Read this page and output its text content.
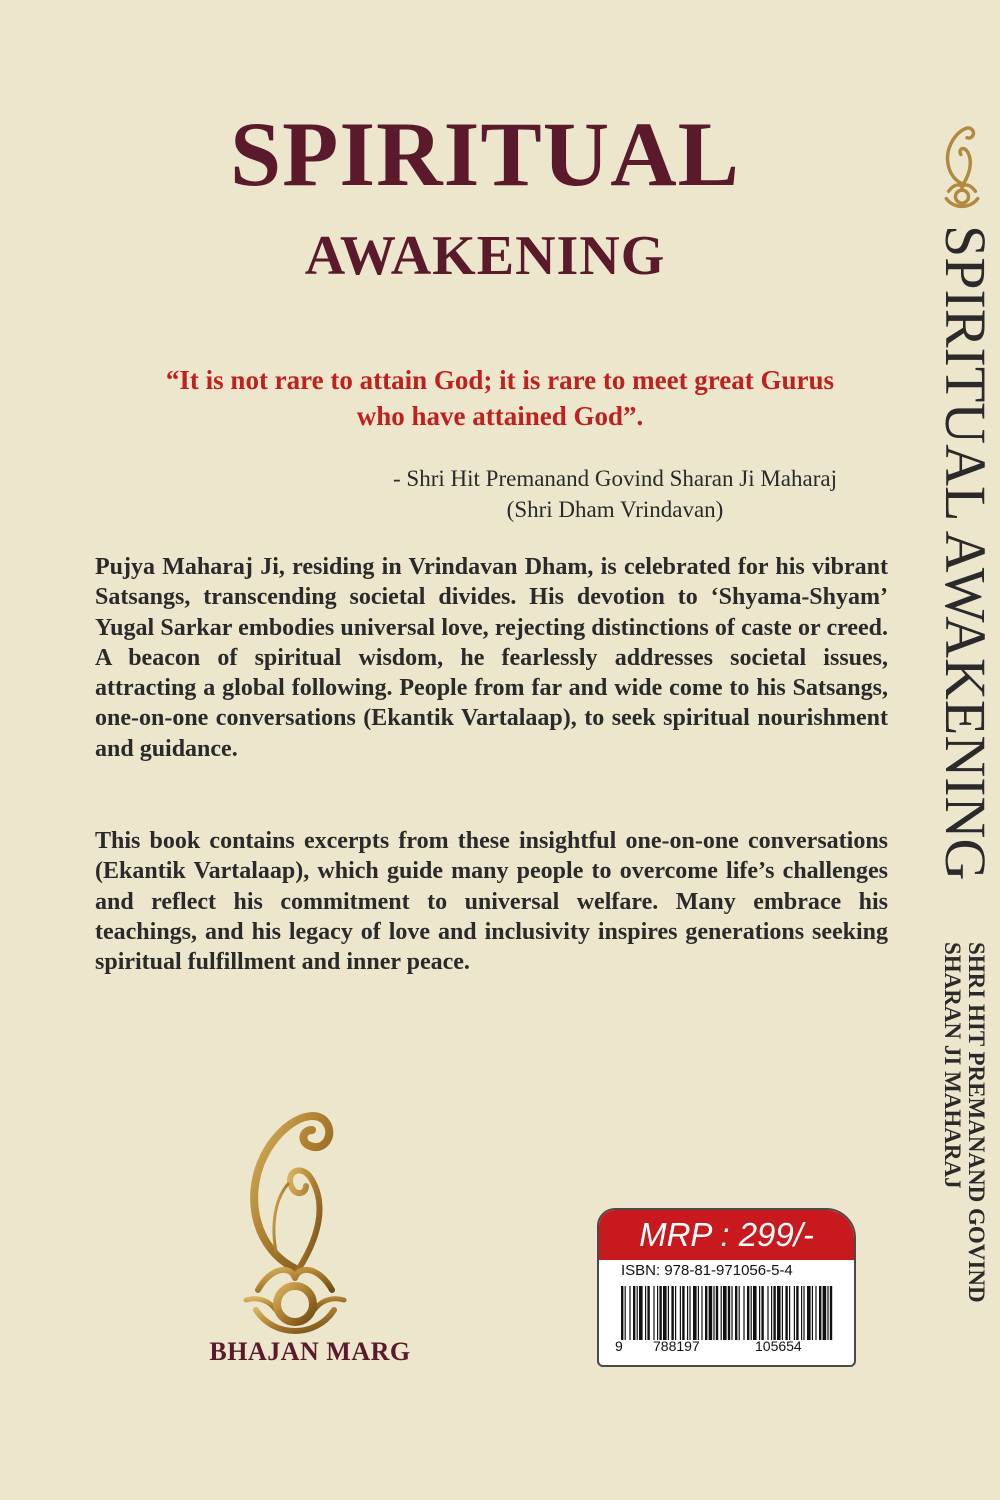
SPIRITUAL
AWAKENING

“It is not rare to attain God; it is rare to meet great Gurus
who have attained God”.

- Shri Hit Premanand Govind Sharan Ji Maharaj
(Shri Dham Vrindavan)

Pujya Maharaj Ji, residing in Vrindavan Dham, is celebrated for his vibrant Satsangs, transcending societal divides. His devotion to ‘Shyama-Shyam’ Yugal Sarkar embodies universal love, rejecting distinctions of caste or creed. A beacon of spiritual wisdom, he fearlessly addresses societal issues, attracting a global following. People from far and wide come to his Satsangs, one-on-one conversations (Ekantik Vartalaap), to seek spiritual nourishment and guidance.

This book contains excerpts from these insightful one-on-one conversations (Ekantik Vartalaap), which guide many people to overcome life’s challenges and reflect his commitment to universal welfare. Many embrace his teachings, and his legacy of love and inclusivity inspires generations seeking spiritual fulfillment and inner peace.

SPIRITUAL AWAKENING
SHRI HIT PREMANAND GOVIND
SHARAN JI MAHARAJ

BHAJAN MARG

MRP : 299/-
ISBN: 978-81-971056-5-4
9 788197	105654
